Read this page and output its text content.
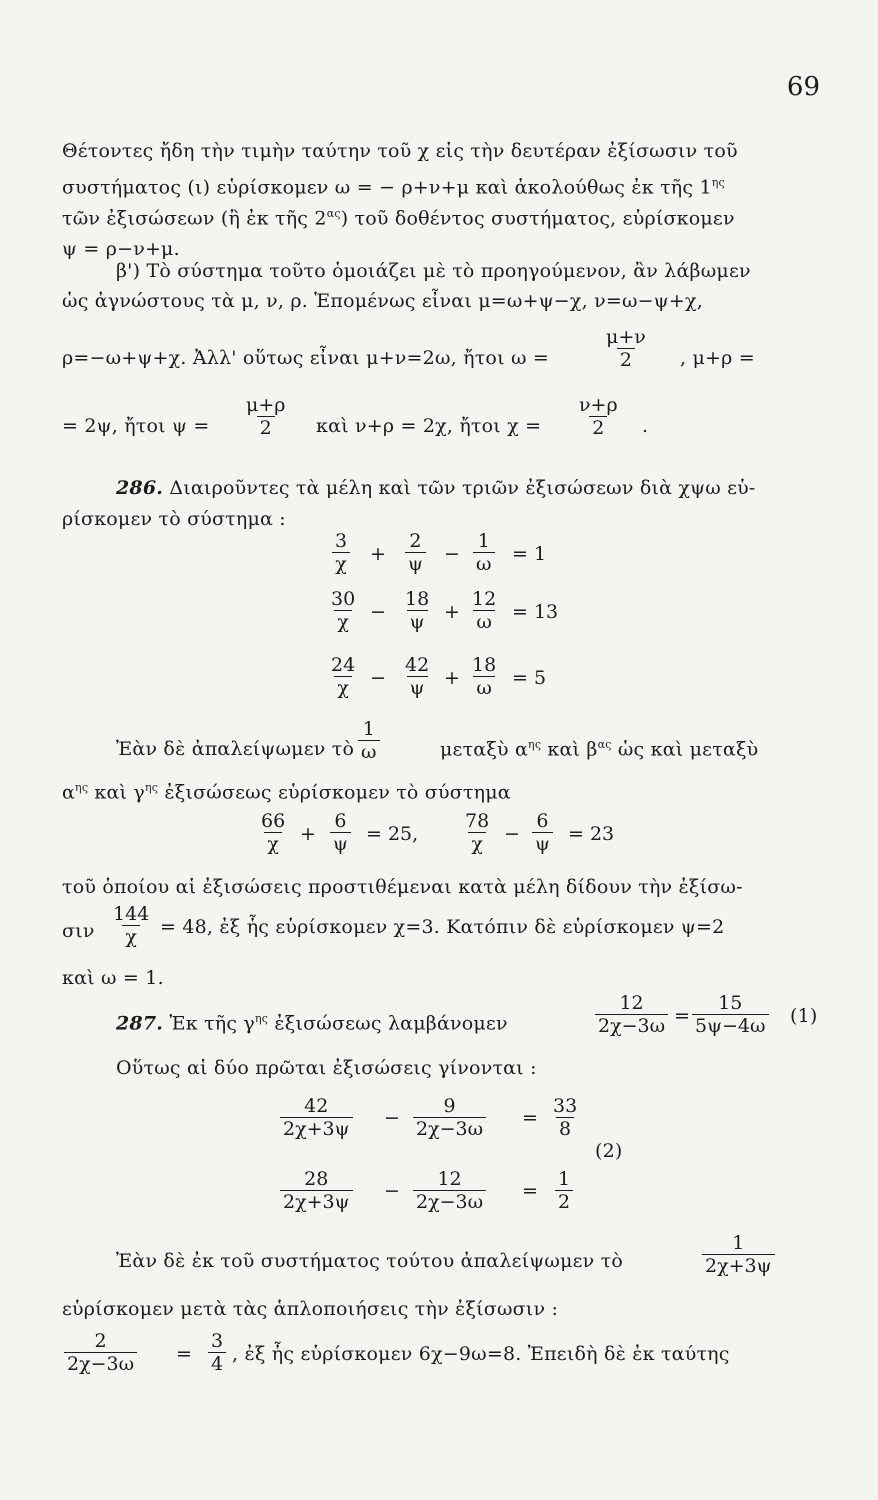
69
Θέτοντες ἤδη τὴν τιμὴν ταύτην τοῦ χ εἰς τὴν δευτέραν ἐξίσωσιν τοῦ
συστήματος (ι) εὑρίσκομεν ω = − ρ+ν+μ καὶ ἀκολούθως ἐκ τῆς $1^{\eta\varsigma}$
τῶν ἐξισώσεων (ἢ ἐκ τῆς $2^{\alpha\varsigma}$) τοῦ δοθέντος συστήματος, εὑρίσκομεν
ψ = ρ−ν+μ.
β') Τὸ σύστημα τοῦτο ὁμοιάζει μὲ τὸ προηγούμενον, ἂν λάβωμεν
ὡς ἀγνώστους τὰ μ, ν, ρ. Ἑπομένως εἶναι μ=ω+ψ−χ, ν=ω−ψ+χ,
ρ=−ω+ψ+χ. Ἀλλ' οὕτως εἶναι μ+ν=2ω, ἤτοι ω =	$\frac{\mu+\nu}{2}$ , μ+ρ =
= 2ψ, ἤτοι $\psi = \frac{\mu+\rho}{2}$ καὶ ν+ρ = 2χ, ἤτοι $\chi = \frac{\nu+\rho}{2}$ .
286. Διαιροῦντες τὰ μέλη καὶ τῶν τριῶν ἐξισώσεων διὰ χψω εὑ-
ρίσκομεν τὸ σύστημα :
$\frac{3}{\chi} + \frac{2}{\psi} - \frac{1}{\omega} = 1$
$\frac{30}{\chi} - \frac{18}{\psi} + \frac{12}{\omega} = 13$
$\frac{24}{\chi} - \frac{42}{\psi} + \frac{18}{\omega} = 5$
Ἐὰν δὲ ἀπαλείψωμεν τὸ $\frac{1}{\omega}$	μεταξὺ $\alpha^{\eta\varsigma}$ καὶ $\beta^{\alpha\varsigma}$ ὡς καὶ μεταξὺ
$\alpha^{\eta\varsigma}$ καὶ $\gamma^{\eta\varsigma}$ ἐξισώσεως εὑρίσκομεν τὸ σύστημα
$\frac{66}{\chi} + \frac{6}{\psi} = 25$, $\frac{78}{\chi} - \frac{6}{\psi} = 23$
τοῦ ὁποίου αἱ ἐξισώσεις προστιθέμεναι κατὰ μέλη δίδουν τὴν ἐξίσω-
σιν $\frac{144}{\chi} = 48$, ἐξ ἧς εὑρίσκομεν χ=3. Κατόπιν δὲ εὑρίσκομεν ψ=2
καὶ ω = 1.
287. Ἐκ τῆς $\gamma^{\eta\varsigma}$ ἐξισώσεως λαμβάνομεν	$\frac{12}{2\chi-3\omega} = \frac{15}{5\psi-4\omega} (1)$
Οὕτως αἱ δύο πρῶται ἐξισώσεις γίνονται :
$\frac{42}{2\chi+3\psi} - \frac{9}{2\chi-3\omega} = \frac{33}{8}$
(2)
$\frac{28}{2\chi+3\psi} - \frac{12}{2\chi-3\omega} = \frac{1}{2}$
Ἐὰν δὲ ἐκ τοῦ συστήματος τούτου ἀπαλείψωμεν τὸ	$\frac{1}{2\chi+3\psi}$
εὑρίσκομεν μετὰ τὰς ἁπλοποιήσεις τὴν ἐξίσωσιν :
$\frac{2}{2\chi-3\omega} = \frac{3}{4}$ , ἐξ ἧς εὑρίσκομεν 6χ−9ω=8. Ἐπειδὴ δὲ ἐκ ταύτης
